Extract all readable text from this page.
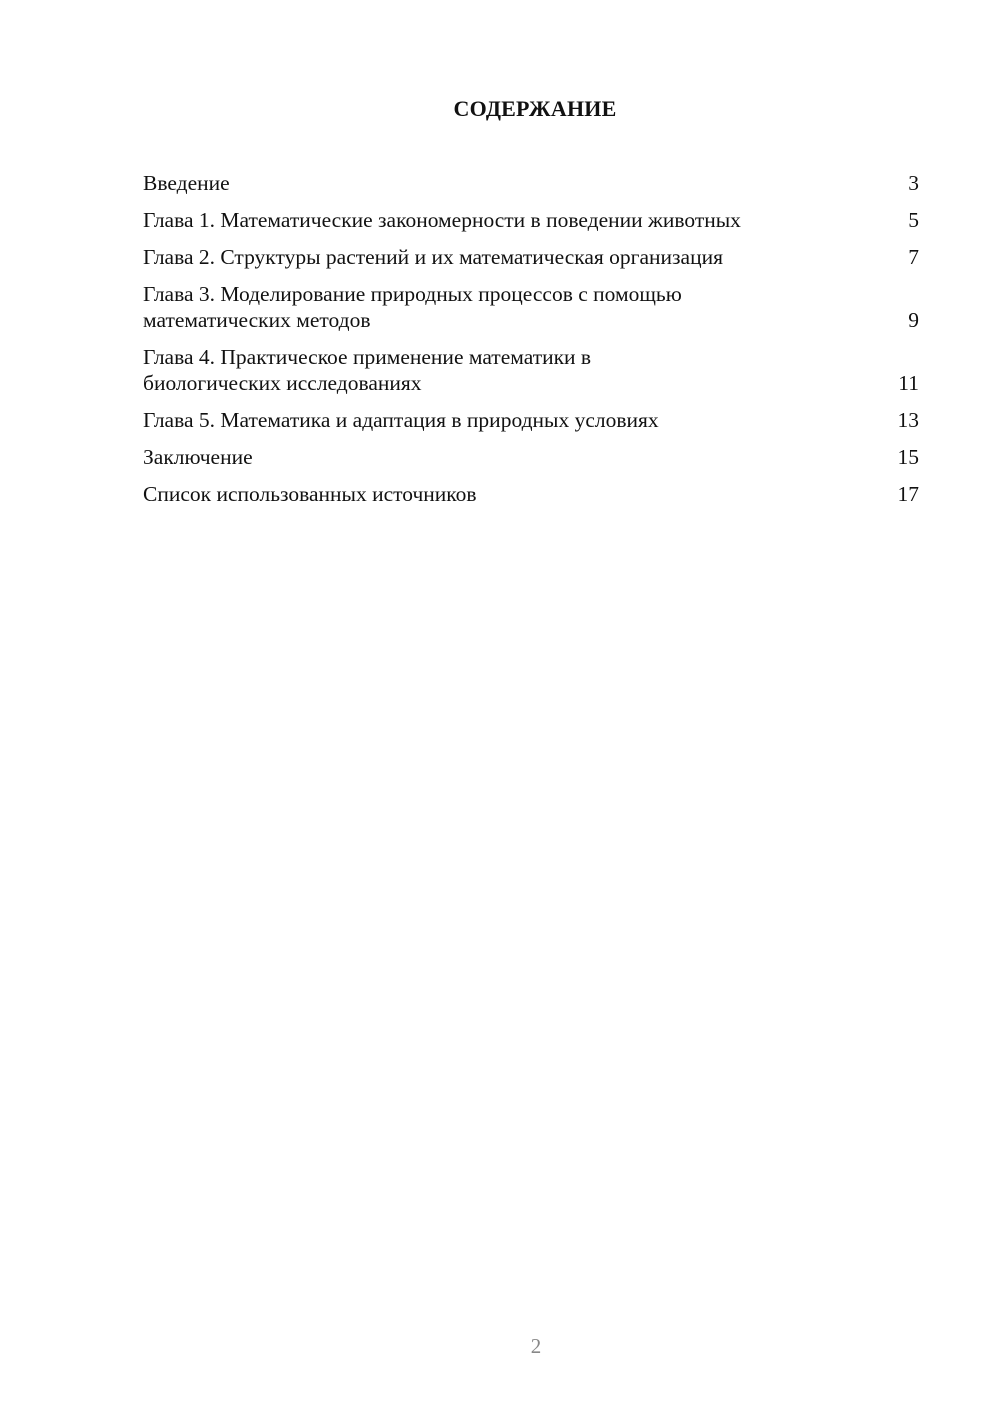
СОДЕРЖАНИЕ
Введение	3
Глава 1. Математические закономерности в поведении животных	5
Глава 2. Структуры растений и их математическая организация	7
Глава 3. Моделирование природных процессов с помощью математических методов	9
Глава 4. Практическое применение математики в биологических исследованиях	11
Глава 5. Математика и адаптация в природных условиях	13
Заключение	15
Список использованных источников	17
2
